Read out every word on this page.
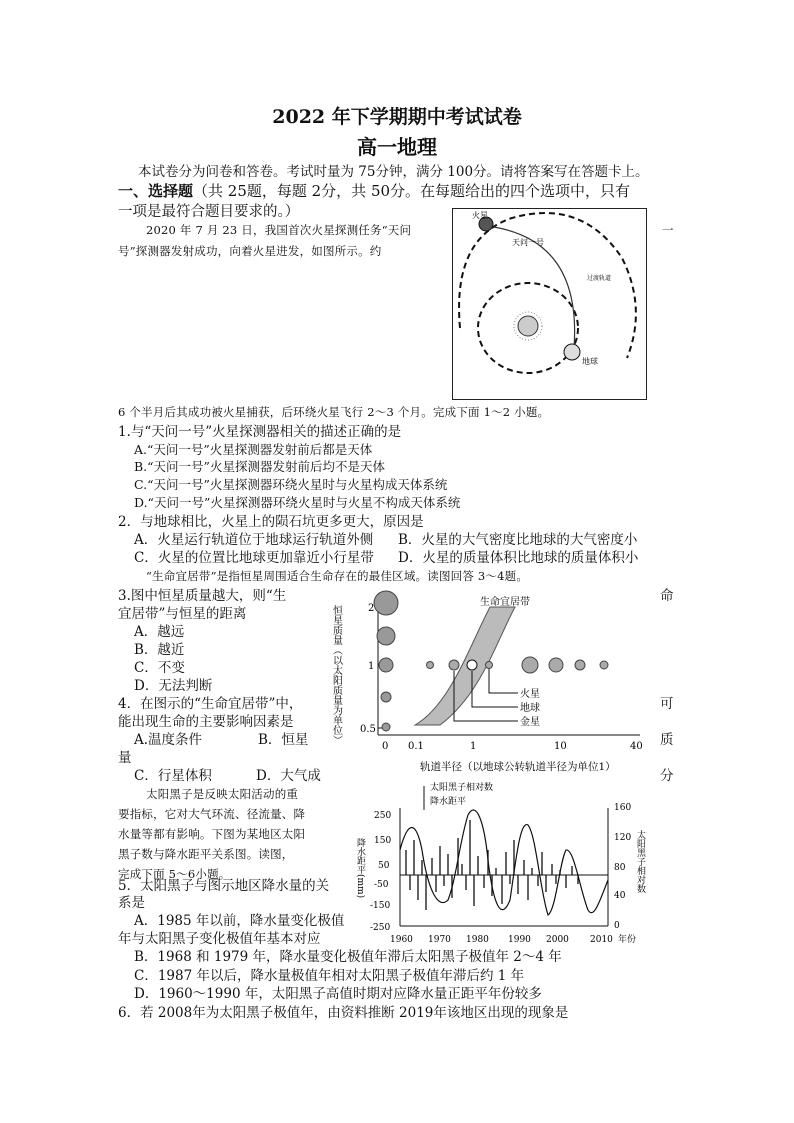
2022 年下学期期中考试试卷
高一地理
本试卷分为问卷和答卷。考试时量为 75分钟，满分 100分。请将答案写在答题卡上。
一、选择题（共 25题，每题 2分，共 50分。在每题给出的四个选项中，只有
一项是最符合题目要求的。）
2020 年 7 月 23 日，我国首次火星探测任务“天问
号”探测器发射成功，向着火星进发，如图所示。约
一
火星
天问一号
过渡轨道
地球
6 个半月后其成功被火星捕获，后环绕火星飞行 2～3 个月。完成下面 1～2 小题。
1.与“天问一号”火星探测器相关的描述正确的是
A.“天问一号”火星探测器发射前后都是天体
B.“天问一号”火星探测器发射前后均不是天体
C.“天问一号”火星探测器环绕火星时与火星构成天体系统
D.“天问一号”火星探测器环绕火星时与火星不构成天体系统
2．与地球相比，火星上的陨石坑更多更大，原因是
A．火星运行轨道位于地球运行轨道外侧 B．火星的大气密度比地球的大气密度小
C．火星的位置比地球更加靠近小行星带 D．火星的质量体积比地球的质量体积小
“生命宜居带”是指恒星周围适合生命存在的最佳区域。读图回答 3～4题。
3.图中恒星质量越大，则“生	命
宜居带”与恒星的距离
A．越远
B．越近
C．不变
D．无法判断
4．在图示的“生命宜居带”中，	可
能出现生命的主要影响因素是
A.温度条件	B．恒星	质
量
C．行星体积	D．大气成	分
2
1
0.5
0 0.1	1	10	40
恒星质量（以太阳质量为单位）
轨道半径（以地球公转轨道半径为单位1）
生命宜居带
火星
地球
金星
太阳黑子是反映太阳活动的重
要指标，它对大气环流、径流量、降
水量等都有影响。下图为某地区太阳
黑子数与降水距平关系图。读图，
完成下面 5～6小题。
5．太阳黑子与图示地区降水量的关
系是
A．1985 年以前，降水量变化极值
年与太阳黑子变化极值年基本对应
太阳黑子相对数
降水距平
250
150
50
-50
-150
-250
160
120
80
40
0
降水距平(mm)	太阳黑子相对数
1960 1970 1980 1990 2000 2010 年份
B．1968 和 1979 年，降水量变化极值年滞后太阳黑子极值年 2～4 年
C．1987 年以后，降水量极值年相对太阳黑子极值年滞后约 1 年
D．1960～1990 年，太阳黑子高值时期对应降水量正距平年份较多
6．若 2008年为太阳黑子极值年，由资料推断 2019年该地区出现的现象是
